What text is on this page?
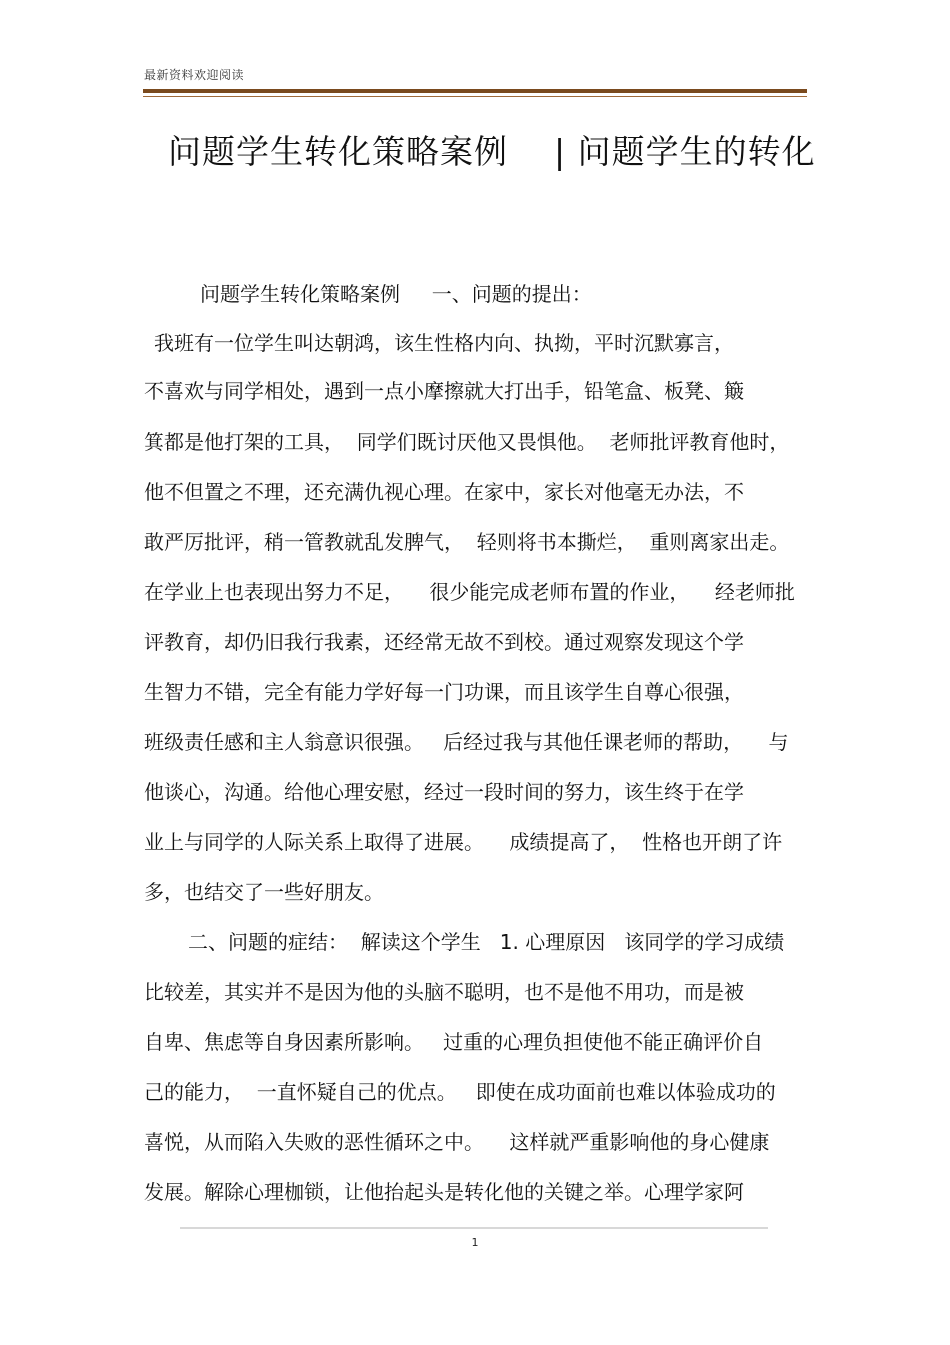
最新资料欢迎阅读
问题学生转化策略案例    | 问题学生的转化
问题学生转化策略案例     一、问题的提出：
我班有一位学生叫达朝鸿，该生性格内向、执拗，平时沉默寡言，
不喜欢与同学相处，遇到一点小摩擦就大打出手，铅笔盒、板凳、簸
箕都是他打架的工具，  同学们既讨厌他又畏惧他。  老师批评教育他时，
他不但置之不理，还充满仇视心理。在家中，家长对他毫无办法，不
敢严厉批评，稍一管教就乱发脾气，  轻则将书本撕烂，  重则离家出走。
在学业上也表现出努力不足，    很少能完成老师布置的作业，    经老师批
评教育，却仍旧我行我素，还经常无故不到校。通过观察发现这个学
生智力不错，完全有能力学好每一门功课，而且该学生自尊心很强，
班级责任感和主人翁意识很强。   后经过我与其他任课老师的帮助，    与
他谈心，沟通。给他心理安慰，经过一段时间的努力，该生终于在学
业上与同学的人际关系上取得了进展。    成绩提高了，  性格也开朗了许
多，也结交了一些好朋友。
二、问题的症结：  解读这个学生   1. 心理原因   该同学的学习成绩
比较差，其实并不是因为他的头脑不聪明，也不是他不用功，而是被
自卑、焦虑等自身因素所影响。   过重的心理负担使他不能正确评价自
己的能力，  一直怀疑自己的优点。   即使在成功面前也难以体验成功的
喜悦，从而陷入失败的恶性循环之中。    这样就严重影响他的身心健康
发展。解除心理枷锁，让他抬起头是转化他的关键之举。心理学家阿
1
